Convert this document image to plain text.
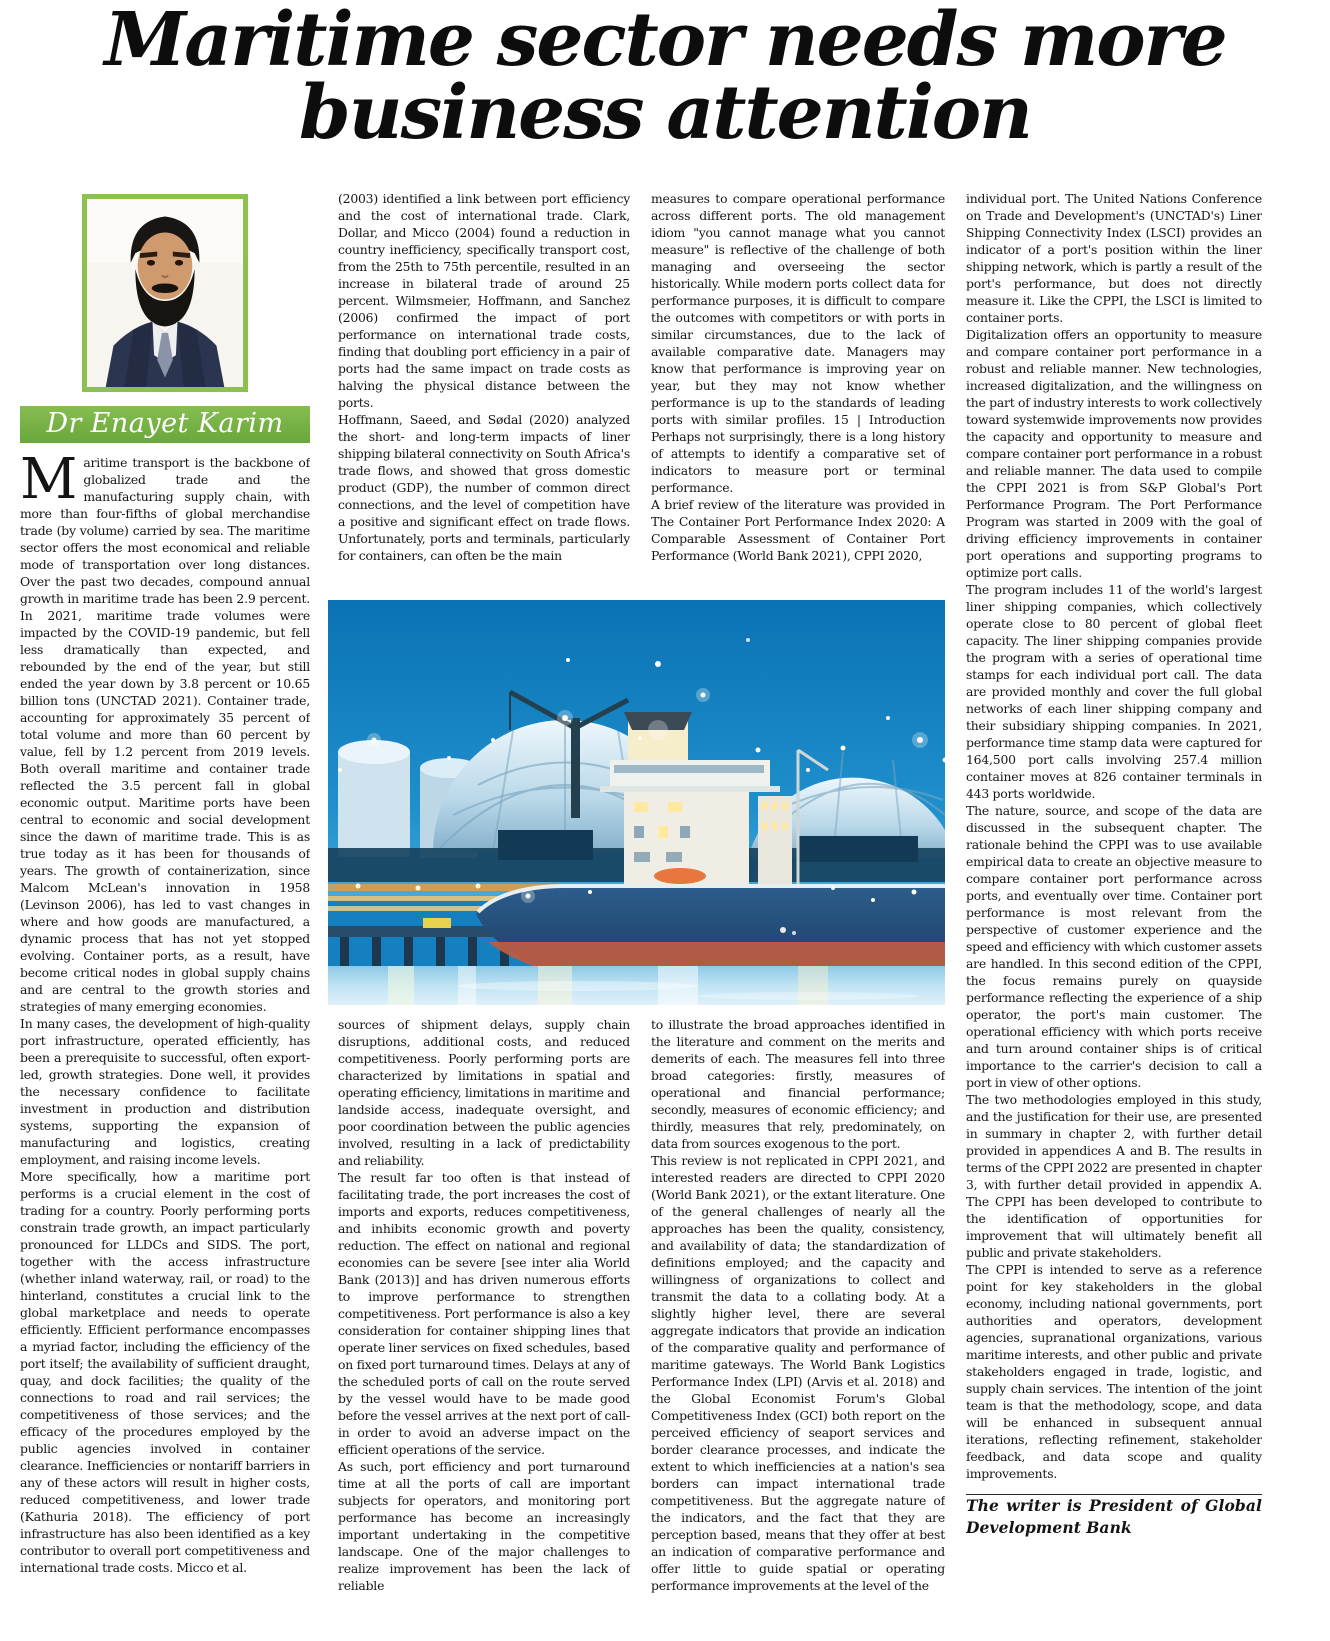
Maritime sector needs more
business attention
Dr Enayet Karim

Maritime transport is the backbone of globalized trade and the manufacturing supply chain, with more than four-fifths of global merchandise trade (by volume) carried by sea. The maritime sector offers the most economical and reliable mode of transportation over long distances. Over the past two decades, compound annual growth in maritime trade has been 2.9 percent. In 2021, maritime trade volumes were impacted by the COVID-19 pandemic, but fell less dramatically than expected, and rebounded by the end of the year, but still ended the year down by 3.8 percent or 10.65 billion tons (UNCTAD 2021). Container trade, accounting for approximately 35 percent of total volume and more than 60 percent by value, fell by 1.2 percent from 2019 levels. Both overall maritime and container trade reflected the 3.5 percent fall in global economic output. Maritime ports have been central to economic and social development since the dawn of maritime trade. This is as true today as it has been for thousands of years. The growth of containerization, since Malcom McLean's innovation in 1958 (Levinson 2006), has led to vast changes in where and how goods are manufactured, a dynamic process that has not yet stopped evolving. Container ports, as a result, have become critical nodes in global supply chains and are central to the growth stories and strategies of many emerging economies.

In many cases, the development of high-quality port infrastructure, operated efficiently, has been a prerequisite to successful, often export-led, growth strategies. Done well, it provides the necessary confidence to facilitate investment in production and distribution systems, supporting the expansion of manufacturing and logistics, creating employment, and raising income levels.

More specifically, how a maritime port performs is a crucial element in the cost of trading for a country. Poorly performing ports constrain trade growth, an impact particularly pronounced for LLDCs and SIDS. The port, together with the access infrastructure (whether inland waterway, rail, or road) to the hinterland, constitutes a crucial link to the global marketplace and needs to operate efficiently. Efficient performance encompasses a myriad factor, including the efficiency of the port itself; the availability of sufficient draught, quay, and dock facilities; the quality of the connections to road and rail services; the competitiveness of those services; and the efficacy of the procedures employed by the public agencies involved in container clearance. Inefficiencies or nontariff barriers in any of these actors will result in higher costs, reduced competitiveness, and lower trade (Kathuria 2018). The efficiency of port infrastructure has also been identified as a key contributor to overall port competitiveness and international trade costs. Micco et al.

(2003) identified a link between port efficiency and the cost of international trade. Clark, Dollar, and Micco (2004) found a reduction in country inefficiency, specifically transport cost, from the 25th to 75th percentile, resulted in an increase in bilateral trade of around 25 percent. Wilmsmeier, Hoffmann, and Sanchez (2006) confirmed the impact of port performance on international trade costs, finding that doubling port efficiency in a pair of ports had the same impact on trade costs as halving the physical distance between the ports.

Hoffmann, Saeed, and Sødal (2020) analyzed the short- and long-term impacts of liner shipping bilateral connectivity on South Africa's trade flows, and showed that gross domestic product (GDP), the number of common direct connections, and the level of competition have a positive and significant effect on trade flows. Unfortunately, ports and terminals, particularly for containers, can often be the main

measures to compare operational performance across different ports. The old management idiom "you cannot manage what you cannot measure" is reflective of the challenge of both managing and overseeing the sector historically. While modern ports collect data for performance purposes, it is difficult to compare the outcomes with competitors or with ports in similar circumstances, due to the lack of available comparative date. Managers may know that performance is improving year on year, but they may not know whether performance is up to the standards of leading ports with similar profiles. 15 | Introduction Perhaps not surprisingly, there is a long history of attempts to identify a comparative set of indicators to measure port or terminal performance.

A brief review of the literature was provided in The Container Port Performance Index 2020: A Comparable Assessment of Container Port Performance (World Bank 2021), CPPI 2020,

sources of shipment delays, supply chain disruptions, additional costs, and reduced competitiveness. Poorly performing ports are characterized by limitations in spatial and operating efficiency, limitations in maritime and landside access, inadequate oversight, and poor coordination between the public agencies involved, resulting in a lack of predictability and reliability.

The result far too often is that instead of facilitating trade, the port increases the cost of imports and exports, reduces competitiveness, and inhibits economic growth and poverty reduction. The effect on national and regional economies can be severe [see inter alia World Bank (2013)] and has driven numerous efforts to improve performance to strengthen competitiveness. Port performance is also a key consideration for container shipping lines that operate liner services on fixed schedules, based on fixed port turnaround times. Delays at any of the scheduled ports of call on the route served by the vessel would have to be made good before the vessel arrives at the next port of call-in order to avoid an adverse impact on the efficient operations of the service.

As such, port efficiency and port turnaround time at all the ports of call are important subjects for operators, and monitoring port performance has become an increasingly important undertaking in the competitive landscape. One of the major challenges to realize improvement has been the lack of reliable

to illustrate the broad approaches identified in the literature and comment on the merits and demerits of each. The measures fell into three broad categories: firstly, measures of operational and financial performance; secondly, measures of economic efficiency; and thirdly, measures that rely, predominately, on data from sources exogenous to the port.

This review is not replicated in CPPI 2021, and interested readers are directed to CPPI 2020 (World Bank 2021), or the extant literature. One of the general challenges of nearly all the approaches has been the quality, consistency, and availability of data; the standardization of definitions employed; and the capacity and willingness of organizations to collect and transmit the data to a collating body. At a slightly higher level, there are several aggregate indicators that provide an indication of the comparative quality and performance of maritime gateways. The World Bank Logistics Performance Index (LPI) (Arvis et al. 2018) and the Global Economist Forum's Global Competitiveness Index (GCI) both report on the perceived efficiency of seaport services and border clearance processes, and indicate the extent to which inefficiencies at a nation's sea borders can impact international trade competitiveness. But the aggregate nature of the indicators, and the fact that they are perception based, means that they offer at best an indication of comparative performance and offer little to guide spatial or operating performance improvements at the level of the

individual port. The United Nations Conference on Trade and Development's (UNCTAD's) Liner Shipping Connectivity Index (LSCI) provides an indicator of a port's position within the liner shipping network, which is partly a result of the port's performance, but does not directly measure it. Like the CPPI, the LSCI is limited to container ports.

Digitalization offers an opportunity to measure and compare container port performance in a robust and reliable manner. New technologies, increased digitalization, and the willingness on the part of industry interests to work collectively toward systemwide improvements now provides the capacity and opportunity to measure and compare container port performance in a robust and reliable manner. The data used to compile the CPPI 2021 is from S&P Global's Port Performance Program. The Port Performance Program was started in 2009 with the goal of driving efficiency improvements in container port operations and supporting programs to optimize port calls.

The program includes 11 of the world's largest liner shipping companies, which collectively operate close to 80 percent of global fleet capacity. The liner shipping companies provide the program with a series of operational time stamps for each individual port call. The data are provided monthly and cover the full global networks of each liner shipping company and their subsidiary shipping companies. In 2021, performance time stamp data were captured for 164,500 port calls involving 257.4 million container moves at 826 container terminals in 443 ports worldwide.

The nature, source, and scope of the data are discussed in the subsequent chapter. The rationale behind the CPPI was to use available empirical data to create an objective measure to compare container port performance across ports, and eventually over time. Container port performance is most relevant from the perspective of customer experience and the speed and efficiency with which customer assets are handled. In this second edition of the CPPI, the focus remains purely on quayside performance reflecting the experience of a ship operator, the port's main customer. The operational efficiency with which ports receive and turn around container ships is of critical importance to the carrier's decision to call a port in view of other options.

The two methodologies employed in this study, and the justification for their use, are presented in summary in chapter 2, with further detail provided in appendices A and B. The results in terms of the CPPI 2022 are presented in chapter 3, with further detail provided in appendix A. The CPPI has been developed to contribute to the identification of opportunities for improvement that will ultimately benefit all public and private stakeholders.

The CPPI is intended to serve as a reference point for key stakeholders in the global economy, including national governments, port authorities and operators, development agencies, supranational organizations, various maritime interests, and other public and private stakeholders engaged in trade, logistic, and supply chain services. The intention of the joint team is that the methodology, scope, and data will be enhanced in subsequent annual iterations, reflecting refinement, stakeholder feedback, and data scope and quality improvements.

The writer is President of Global Development Bank
